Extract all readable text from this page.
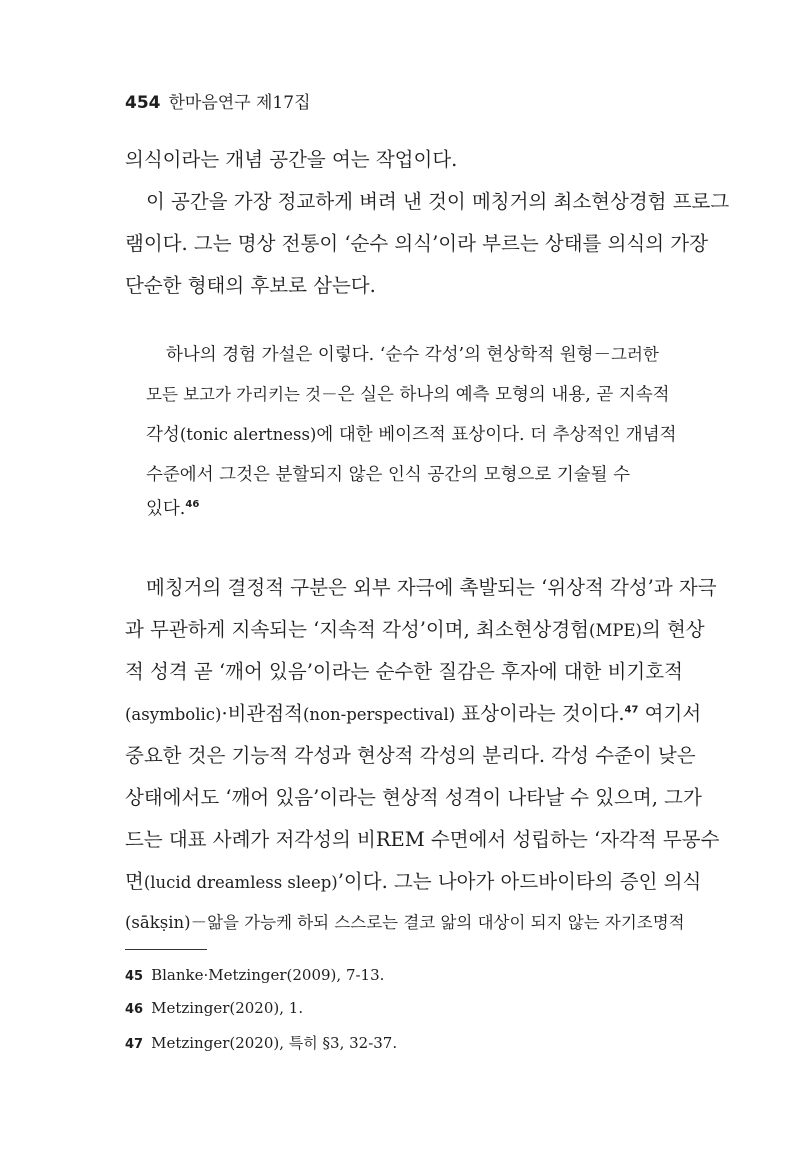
454 한마음연구 제17집
의식이라는 개념 공간을 여는 작업이다.
이 공간을 가장 정교하게 벼려 낸 것이 메칭거의 최소현상경험 프로그
램이다. 그는 명상 전통이 ‘순수 의식’이라 부르는 상태를 의식의 가장
단순한 형태의 후보로 삼는다.
하나의 경험 가설은 이렇다. ‘순수 각성’의 현상학적 원형－그러한
모든 보고가 가리키는 것－은 실은 하나의 예측 모형의 내용, 곧 지속적
각성(tonic alertness)에 대한 베이즈적 표상이다. 더 추상적인 개념적
수준에서 그것은 분할되지 않은 인식 공간의 모형으로 기술될 수
있다.$^{46}$
메칭거의 결정적 구분은 외부 자극에 촉발되는 ‘위상적 각성’과 자극
과 무관하게 지속되는 ‘지속적 각성’이며, 최소현상경험(MPE)의 현상
적 성격 곧 ‘깨어 있음’이라는 순수한 질감은 후자에 대한 비기호적
(asymbolic)·비관점적(non-perspectival) 표상이라는 것이다.$^{47}$ 여기서
중요한 것은 기능적 각성과 현상적 각성의 분리다. 각성 수준이 낮은
상태에서도 ‘깨어 있음’이라는 현상적 성격이 나타날 수 있으며, 그가
드는 대표 사례가 저각성의 비REM 수면에서 성립하는 ‘자각적 무몽수
면(lucid dreamless sleep)’이다. 그는 나아가 아드바이타의 증인 의식
(sākṣin)－앎을 가능케 하되 스스로는 결코 앎의 대상이 되지 않는 자기조명적
45 Blanke·Metzinger(2009), 7-13.
46 Metzinger(2020), 1.
47 Metzinger(2020), 특히 §3, 32-37.
